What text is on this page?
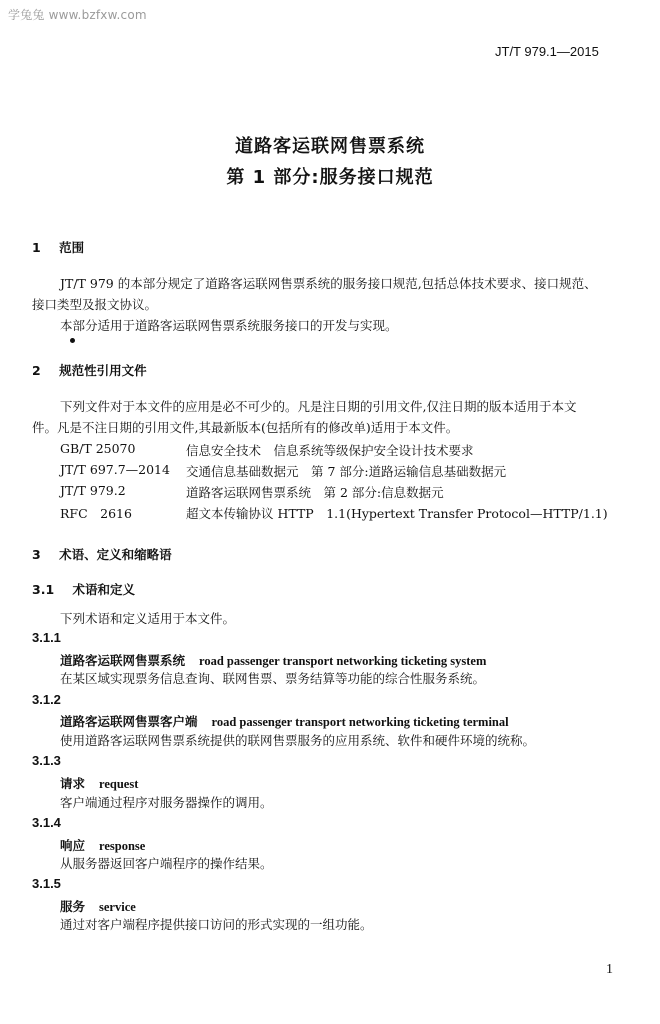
学兔兔 www.bzfxw.com
JT/T 979.1—2015
道路客运联网售票系统
第 1 部分:服务接口规范
1 范围
JT/T 979 的本部分规定了道路客运联网售票系统的服务接口规范,包括总体技术要求、接口规范、
接口类型及报文协议。
本部分适用于道路客运联网售票系统服务接口的开发与实现。
2 规范性引用文件
下列文件对于本文件的应用是必不可少的。凡是注日期的引用文件,仅注日期的版本适用于本文
件。凡是不注日期的引用文件,其最新版本(包括所有的修改单)适用于本文件。
GB/T 25070	信息安全技术　信息系统等级保护安全设计技术要求
JT/T 697.7—2014 交通信息基础数据元　第 7 部分:道路运输信息基础数据元
JT/T 979.2	道路客运联网售票系统　第 2 部分:信息数据元
RFC　2616	超文本传输协议 HTTP　1.1(Hypertext Transfer Protocol—HTTP/1.1)
3 术语、定义和缩略语
3.1 术语和定义
下列术语和定义适用于本文件。
3.1.1
道路客运联网售票系统 road passenger transport networking ticketing system
在某区域实现票务信息查询、联网售票、票务结算等功能的综合性服务系统。
3.1.2
道路客运联网售票客户端 road passenger transport networking ticketing terminal
使用道路客运联网售票系统提供的联网售票服务的应用系统、软件和硬件环境的统称。
3.1.3
请求 request
客户端通过程序对服务器操作的调用。
3.1.4
响应 response
从服务器返回客户端程序的操作结果。
3.1.5
服务 service
通过对客户端程序提供接口访问的形式实现的一组功能。
1
